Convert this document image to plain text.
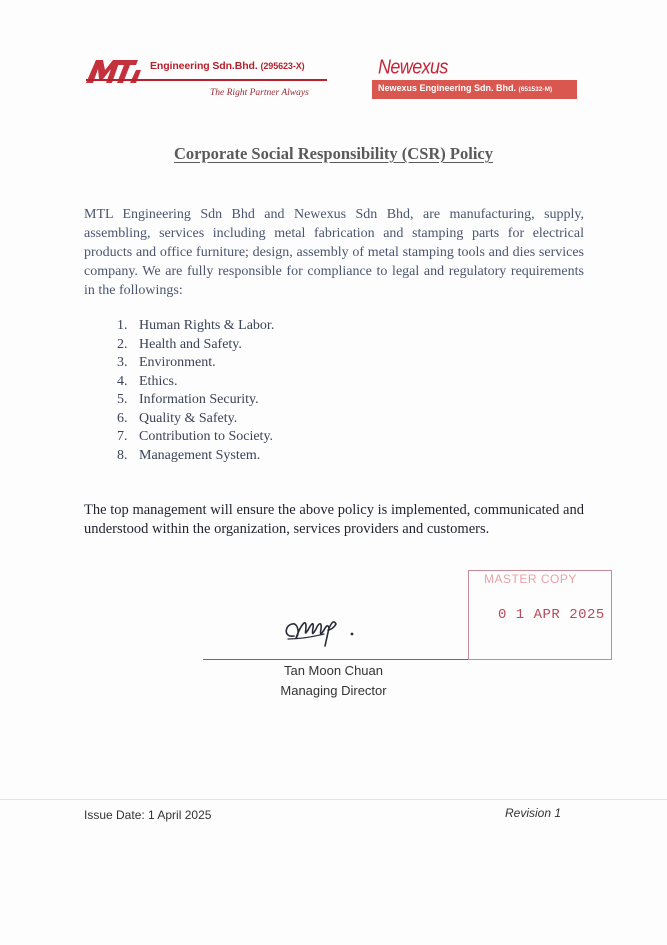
Engineering Sdn.Bhd. (295623-X)
The Right Partner Always
Newexus
Newexus Engineering Sdn. Bhd. (651532-M)
Corporate Social Responsibility (CSR) Policy
MTL Engineering Sdn Bhd and Newexus Sdn Bhd, are manufacturing, supply, assembling, services including metal fabrication and stamping parts for electrical products and office furniture; design, assembly of metal stamping tools and dies services company. We are fully responsible for compliance to legal and regulatory requirements in the followings:
1. Human Rights & Labor.
2. Health and Safety.
3. Environment.
4. Ethics.
5. Information Security.
6. Quality & Safety.
7. Contribution to Society.
8. Management System.
The top management will ensure the above policy is implemented, communicated and understood within the organization, services providers and customers.
MASTER COPY
0 1 APR 2025
Tan Moon Chuan
Managing Director
Issue Date: 1 April 2025	Revision 1
